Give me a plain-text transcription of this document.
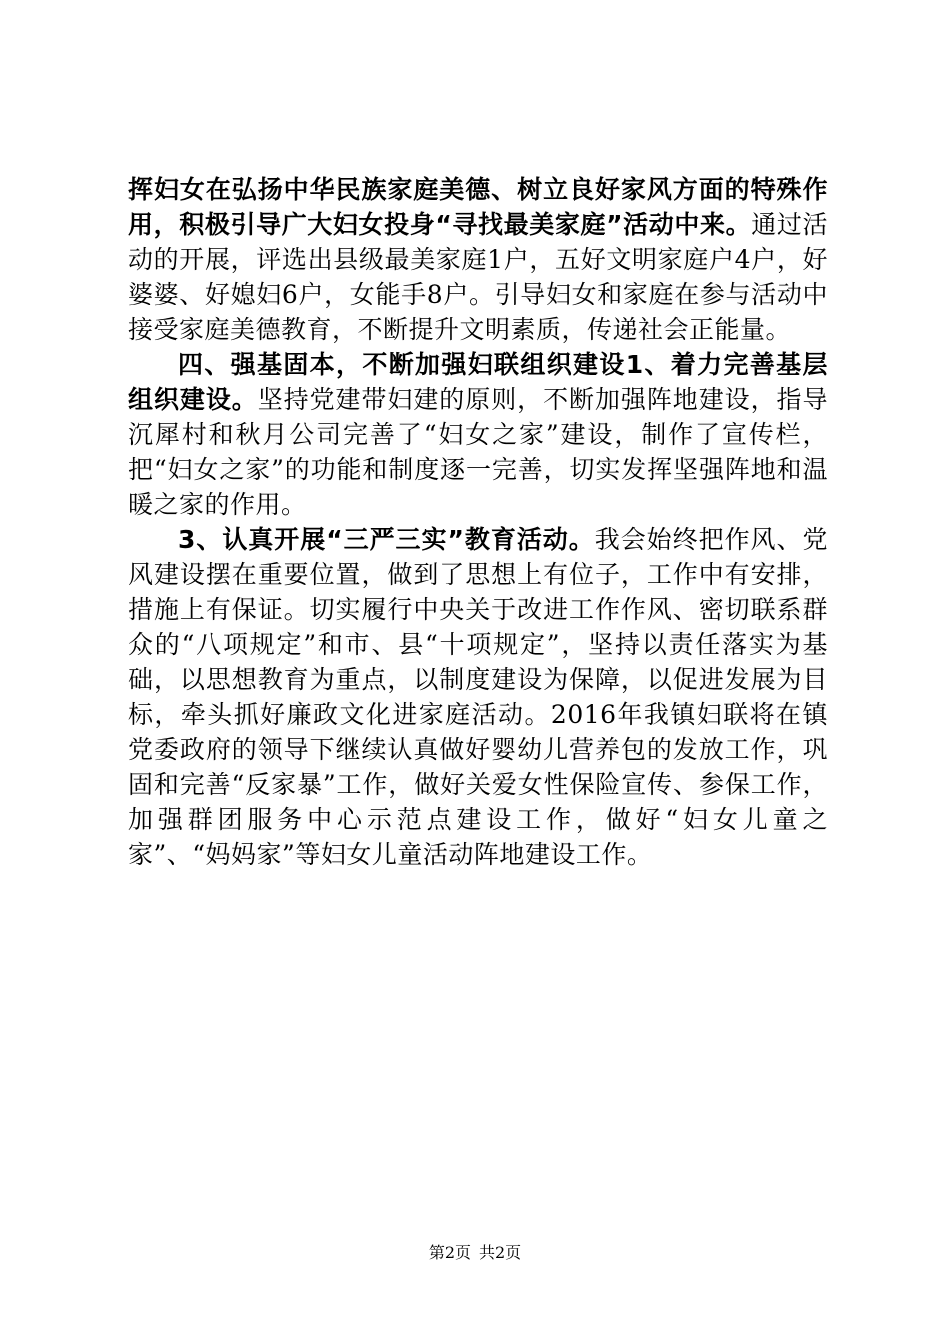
挥妇女在弘扬中华民族家庭美德、树立良好家风方面的特殊作用，积极引导广大妇女投身“寻找最美家庭”活动中来。通过活动的开展，评选出县级最美家庭1户，五好文明家庭户4户，好婆婆、好媳妇6户，女能手8户。引导妇女和家庭在参与活动中接受家庭美德教育，不断提升文明素质，传递社会正能量。

四、强基固本，不断加强妇联组织建设1、着力完善基层组织建设。坚持党建带妇建的原则，不断加强阵地建设，指导沉犀村和秋月公司完善了“妇女之家”建设，制作了宣传栏，把“妇女之家”的功能和制度逐一完善，切实发挥坚强阵地和温暖之家的作用。

3、认真开展“三严三实”教育活动。我会始终把作风、党风建设摆在重要位置，做到了思想上有位子，工作中有安排，措施上有保证。切实履行中央关于改进工作作风、密切联系群众的“八项规定”和市、县“十项规定”，坚持以责任落实为基础，以思想教育为重点，以制度建设为保障，以促进发展为目标，牵头抓好廉政文化进家庭活动。2016年我镇妇联将在镇党委政府的领导下继续认真做好婴幼儿营养包的发放工作，巩固和完善“反家暴”工作，做好关爱女性保险宣传、参保工作，加强群团服务中心示范点建设工作，做好“妇女儿童之家”、“妈妈家”等妇女儿童活动阵地建设工作。

第2页 共2页
